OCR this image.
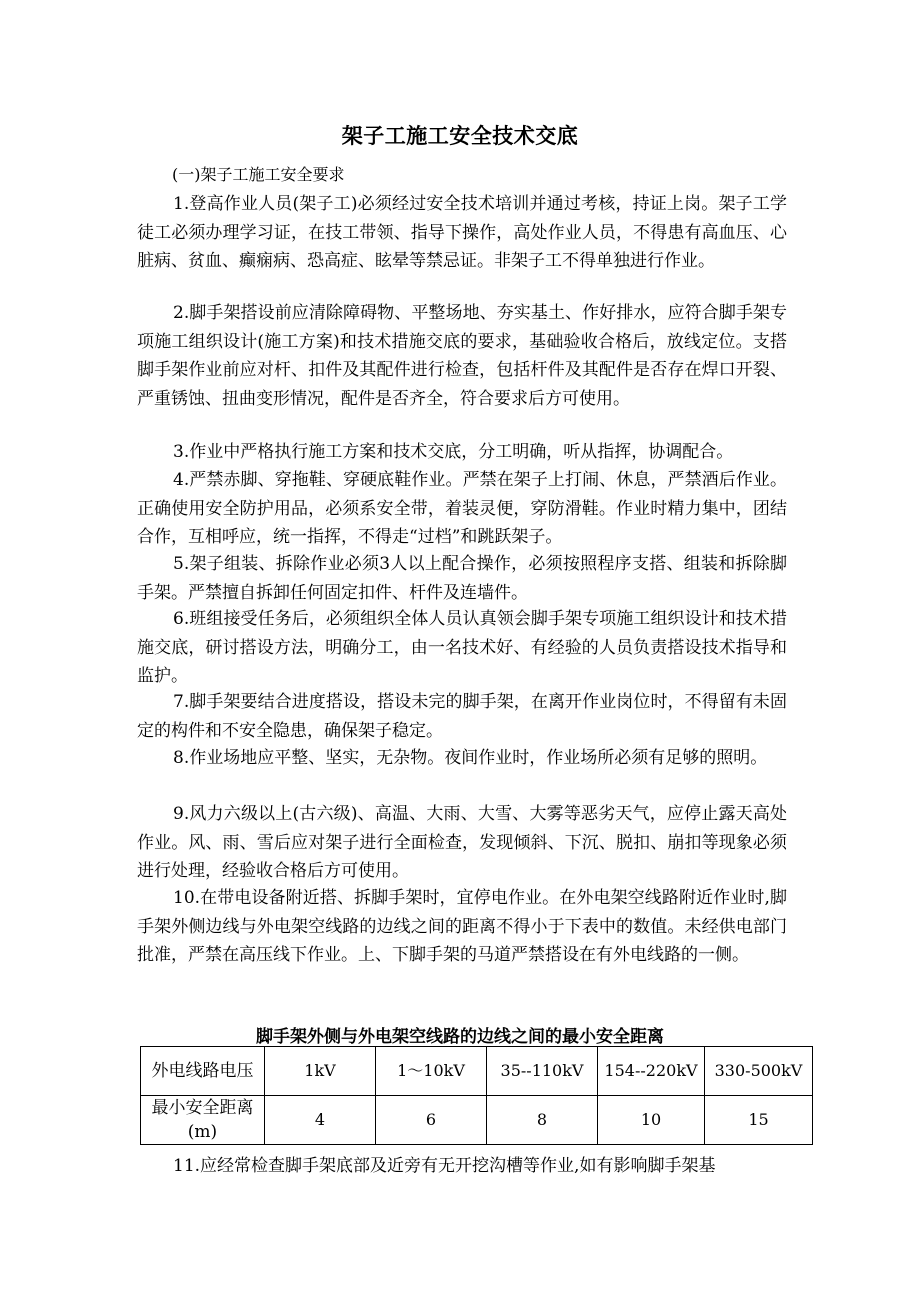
架子工施工安全技术交底
(一)架子工施工安全要求
1.登高作业人员(架子工)必须经过安全技术培训并通过考核，持证上岗。架子工学徒工必须办理学习证，在技工带领、指导下操作，高处作业人员，不得患有高血压、心脏病、贫血、癫痫病、恐高症、眩晕等禁忌证。非架子工不得单独进行作业。
2.脚手架搭设前应清除障碍物、平整场地、夯实基土、作好排水，应符合脚手架专项施工组织设计(施工方案)和技术措施交底的要求，基础验收合格后，放线定位。支搭脚手架作业前应对杆、扣件及其配件进行检查，包括杆件及其配件是否存在焊口开裂、严重锈蚀、扭曲变形情况，配件是否齐全，符合要求后方可使用。
3.作业中严格执行施工方案和技术交底，分工明确，听从指挥，协调配合。
4.严禁赤脚、穿拖鞋、穿硬底鞋作业。严禁在架子上打闹、休息，严禁酒后作业。正确使用安全防护用品，必须系安全带，着装灵便，穿防滑鞋。作业时精力集中，团结合作，互相呼应，统一指挥，不得走“过档”和跳跃架子。
5.架子组装、拆除作业必须3人以上配合操作，必须按照程序支搭、组装和拆除脚手架。严禁擅自拆卸任何固定扣件、杆件及连墙件。
6.班组接受任务后，必须组织全体人员认真领会脚手架专项施工组织设计和技术措施交底，研讨搭设方法，明确分工，由一名技术好、有经验的人员负责搭设技术指导和监护。
7.脚手架要结合进度搭设，搭设未完的脚手架，在离开作业岗位时，不得留有未固定的构件和不安全隐患，确保架子稳定。
8.作业场地应平整、坚实，无杂物。夜间作业时，作业场所必须有足够的照明。
9.风力六级以上(古六级)、高温、大雨、大雪、大雾等恶劣天气，应停止露天高处作业。风、雨、雪后应对架子进行全面检查，发现倾斜、下沉、脱扣、崩扣等现象必须进行处理，经验收合格后方可使用。
10.在带电设备附近搭、拆脚手架时，宜停电作业。在外电架空线路附近作业时,脚手架外侧边线与外电架空线路的边线之间的距离不得小于下表中的数值。未经供电部门批准，严禁在高压线下作业。上、下脚手架的马道严禁搭设在有外电线路的一侧。
脚手架外侧与外电架空线路的边线之间的最小安全距离
外电线路电压	1kV	1～10kV	35--110kV	154--220kV	330-500kV
最小安全距离(m)	4	6	8	10	15
11.应经常检查脚手架底部及近旁有无开挖沟槽等作业,如有影响脚手架基
